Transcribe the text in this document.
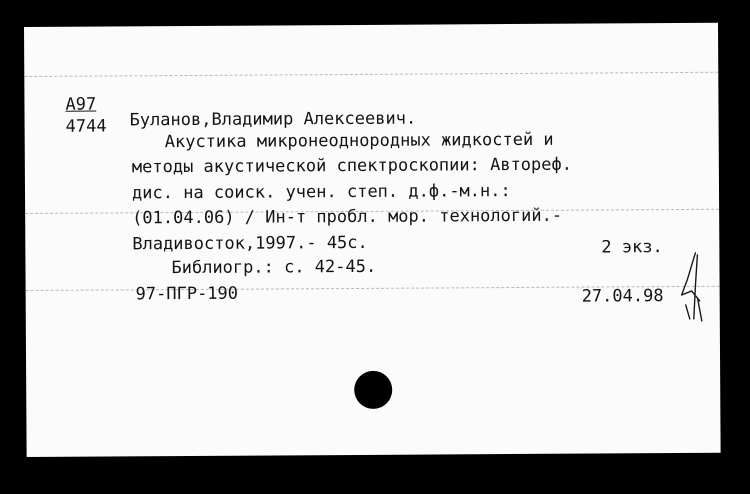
А97
4744 Буланов,Владимир Алексеевич.
Акустика микронеоднородных жидкостей и
методы акустической спектроскопии: Автореф.
дис. на соиск. учен. степ. д.ф.-м.н.:
(01.04.06) / Ин-т пробл. мор. технологий.-
Владивосток,1997.- 45с.	2 экз.
Библиогр.: с. 42-45.
97-ПГР-190	27.04.98
